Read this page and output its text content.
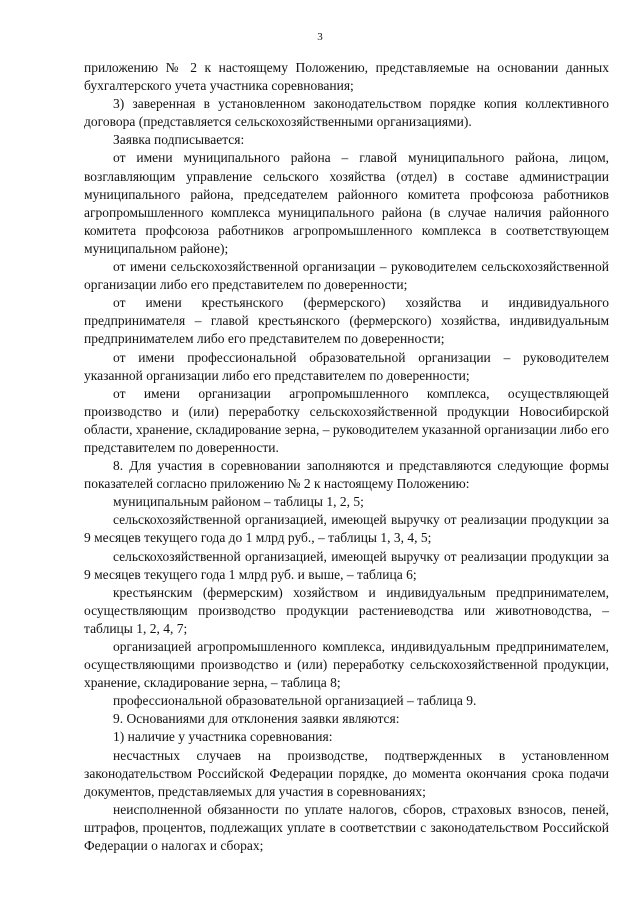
3

приложению № 2 к настоящему Положению, представляемые на основании данных бухгалтерского учета участника соревнования;

3) заверенная в установленном законодательством порядке копия коллективного договора (представляется сельскохозяйственными организациями).

Заявка подписывается:

от имени муниципального района – главой муниципального района, лицом, возглавляющим управление сельского хозяйства (отдел) в составе администрации муниципального района, председателем районного комитета профсоюза работников агропромышленного комплекса муниципального района (в случае наличия районного комитета профсоюза работников агропромышленного комплекса в соответствующем муниципальном районе);

от имени сельскохозяйственной организации – руководителем сельскохозяйственной организации либо его представителем по доверенности;

от имени крестьянского (фермерского) хозяйства и индивидуального предпринимателя – главой крестьянского (фермерского) хозяйства, индивидуальным предпринимателем либо его представителем по доверенности;

от имени профессиональной образовательной организации – руководителем указанной организации либо его представителем по доверенности;

от имени организации агропромышленного комплекса, осуществляющей производство и (или) переработку сельскохозяйственной продукции Новосибирской области, хранение, складирование зерна, – руководителем указанной организации либо его представителем по доверенности.

8. Для участия в соревновании заполняются и представляются следующие формы показателей согласно приложению № 2 к настоящему Положению:

муниципальным районом – таблицы 1, 2, 5;

сельскохозяйственной организацией, имеющей выручку от реализации продукции за 9 месяцев текущего года до 1 млрд руб., – таблицы 1, 3, 4, 5;

сельскохозяйственной организацией, имеющей выручку от реализации продукции за 9 месяцев текущего года 1 млрд руб. и выше, – таблица 6;

крестьянским (фермерским) хозяйством и индивидуальным предпринимателем, осуществляющим производство продукции растениеводства или животноводства, – таблицы 1, 2, 4, 7;

организацией агропромышленного комплекса, индивидуальным предпринимателем, осуществляющими производство и (или) переработку сельскохозяйственной продукции, хранение, складирование зерна, – таблица 8;

профессиональной образовательной организацией – таблица 9.

9. Основаниями для отклонения заявки являются:

1) наличие у участника соревнования:

несчастных случаев на производстве, подтвержденных в установленном законодательством Российской Федерации порядке, до момента окончания срока подачи документов, представляемых для участия в соревнованиях;

неисполненной обязанности по уплате налогов, сборов, страховых взносов, пеней, штрафов, процентов, подлежащих уплате в соответствии с законодательством Российской Федерации о налогах и сборах;
